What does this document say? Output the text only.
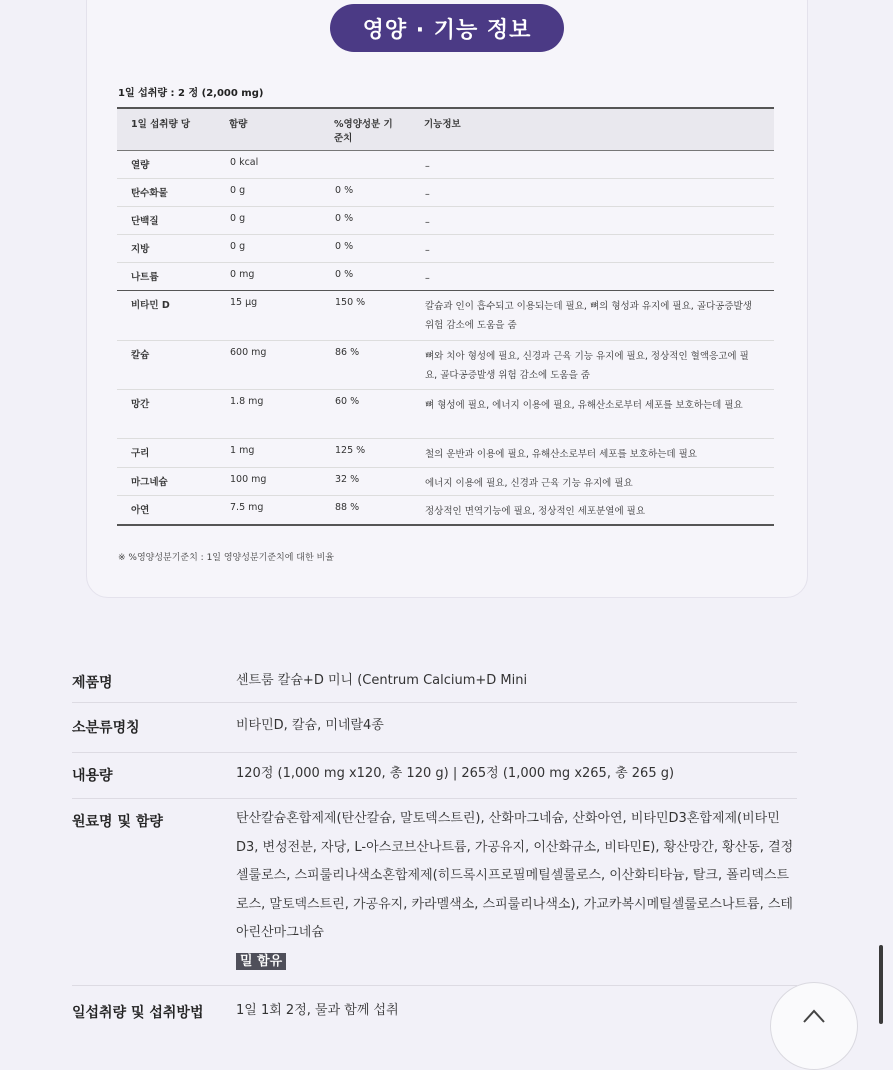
영양 · 기능 정보
1일 섭취량 : 2 정 (2,000 mg)
1일 섭취량 당	함량	%영양성분 기준치	기능정보
열량	0 kcal		–
탄수화물	0 g	0 %	–
단백질	0 g	0 %	–
지방	0 g	0 %	–
나트륨	0 mg	0 %	–
비타민 D	15 μg	150 %	칼슘과 인이 흡수되고 이용되는데 필요, 뼈의 형성과 유지에 필요, 골다공증발생 위험 감소에 도움을 줌
칼슘	600 mg	86 %	뼈와 치아 형성에 필요, 신경과 근육 기능 유지에 필요, 정상적인 혈액응고에 필요, 골다공증발생 위험 감소에 도움을 줌
망간	1.8 mg	60 %	뼈 형성에 필요, 에너지 이용에 필요, 유해산소로부터 세포를 보호하는데 필요
구리	1 mg	125 %	철의 운반과 이용에 필요, 유해산소로부터 세포를 보호하는데 필요
마그네슘	100 mg	32 %	에너지 이용에 필요, 신경과 근육 기능 유지에 필요
아연	7.5 mg	88 %	정상적인 면역기능에 필요, 정상적인 세포분열에 필요
※ %영양성분기준치 : 1일 영양성분기준치에 대한 비율
제품명	센트룸 칼슘+D 미니 (Centrum Calcium+D Mini
소분류명칭	비타민D, 칼슘, 미네랄4종
내용량	120정 (1,000 mg x120, 총 120 g) | 265정 (1,000 mg x265, 총 265 g)
원료명 및 함량	탄산칼슘혼합제제(탄산칼슘, 말토덱스트린), 산화마그네슘, 산화아연, 비타민D3혼합제제(비타민D3, 변성전분, 자당, L-아스코브산나트륨, 가공유지, 이산화규소, 비타민E), 황산망간, 황산동, 결정셀룰로스, 스피룰리나색소혼합제제(히드록시프로필메틸셀룰로스, 이산화티타늄, 탈크, 폴리덱스트로스, 말토덱스트린, 가공유지, 카라멜색소, 스피룰리나색소), 가교카복시메틸셀룰로스나트륨, 스테아린산마그네슘
밀 함유
일섭취량 및 섭취방법	1일 1회 2정, 물과 함께 섭취
